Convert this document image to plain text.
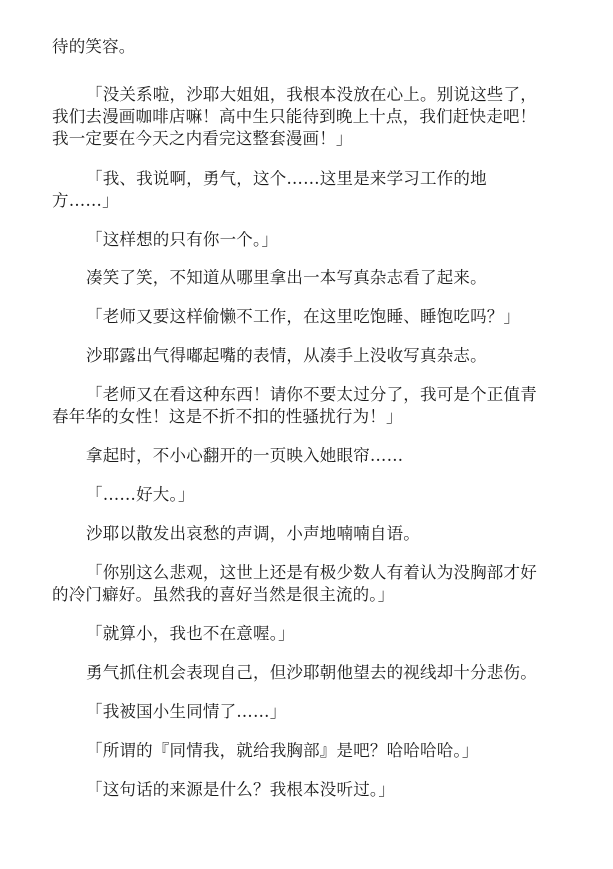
待的笑容。
「没关系啦，沙耶大姐姐，我根本没放在心上。别说这些了，
我们去漫画咖啡店嘛！高中生只能待到晚上十点，我们赶快走吧！
我一定要在今天之内看完这整套漫画！」
「我、我说啊，勇气，这个……这里是来学习工作的地
方……」
「这样想的只有你一个。」
凑笑了笑，不知道从哪里拿出一本写真杂志看了起来。
「老师又要这样偷懒不工作，在这里吃饱睡、睡饱吃吗？」
沙耶露出气得嘟起嘴的表情，从凑手上没收写真杂志。
「老师又在看这种东西！请你不要太过分了，我可是个正值青
春年华的女性！这是不折不扣的性骚扰行为！」
拿起时，不小心翻开的一页映入她眼帘……
「……好大。」
沙耶以散发出哀愁的声调，小声地喃喃自语。
「你别这么悲观，这世上还是有极少数人有着认为没胸部才好
的冷门癖好。虽然我的喜好当然是很主流的。」
「就算小，我也不在意喔。」
勇气抓住机会表现自己，但沙耶朝他望去的视线却十分悲伤。
「我被国小生同情了……」
「所谓的『同情我，就给我胸部』是吧？哈哈哈哈。」
「这句话的来源是什么？我根本没听过。」
